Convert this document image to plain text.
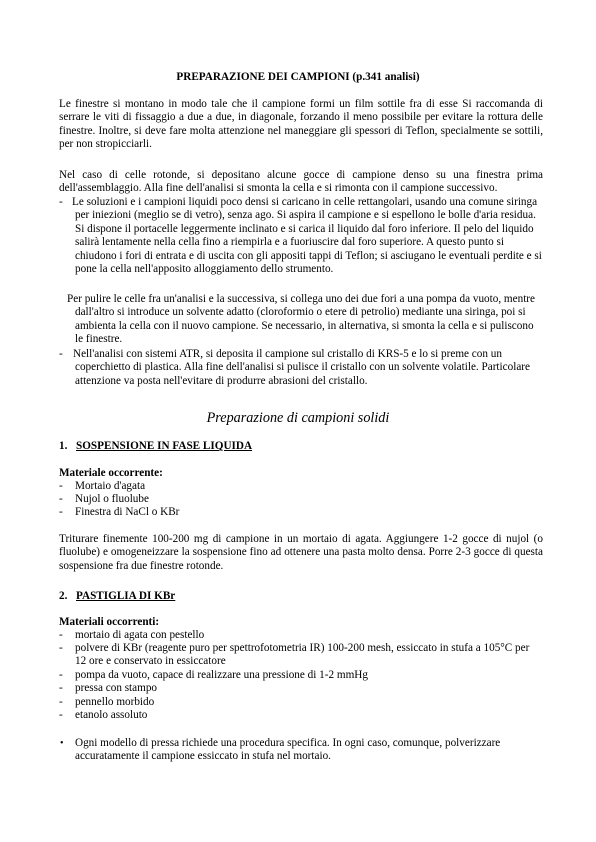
PREPARAZIONE DEI CAMPIONI (p.341 analisi)
Le finestre si montano in modo tale che il campione formi un film sottile fra di esse Si raccomanda di serrare le viti di fissaggio a due a due, in diagonale, forzando il meno possibile per evitare la rottura delle finestre. Inoltre, si deve fare molta attenzione nel maneggiare gli spessori di Teflon, specialmente se sottili, per non stropicciarli.
Nel caso di celle rotonde, si depositano alcune gocce di campione denso su una finestra prima dell'assemblaggio. Alla fine dell'analisi si smonta la cella e si rimonta con il campione successivo.
- Le soluzioni e i campioni liquidi poco densi si caricano in celle rettangolari, usando una comune siringa per iniezioni (meglio se di vetro), senza ago. Si aspira il campione e si espellono le bolle d'aria residua. Si dispone il portacelle leggermente inclinato e si carica il liquido dal foro inferiore. Il pelo del liquido salirà lentamente nella cella fino a riempirla e a fuoriuscire dal foro superiore. A questo punto si chiudono i fori di entrata e di uscita con gli appositi tappi di Teflon; si asciugano le eventuali perdite e si pone la cella nell'apposito alloggiamento dello strumento.
Per pulire le celle fra un'analisi e la successiva, si collega uno dei due fori a una pompa da vuoto, mentre dall'altro si introduce un solvente adatto (cloroformio o etere di petrolio) mediante una siringa, poi si ambienta la cella con il nuovo campione. Se necessario, in alternativa, si smonta la cella e si puliscono le finestre.
- Nell'analisi con sistemi ATR, si deposita il campione sul cristallo di KRS-5 e lo si preme con un coperchietto di plastica. Alla fine dell'analisi si pulisce il cristallo con un solvente volatile. Particolare attenzione va posta nell'evitare di produrre abrasioni del cristallo.
Preparazione di campioni solidi
1. SOSPENSIONE IN FASE LIQUIDA
Materiale occorrente:
-	Mortaio d'agata
-	Nujol o fluolube
-	Finestra di NaCl o KBr
Triturare finemente 100-200 mg di campione in un mortaio di agata. Aggiungere 1-2 gocce di nujol (o fluolube) e omogeneizzare la sospensione fino ad ottenere una pasta molto densa. Porre 2-3 gocce di questa sospensione fra due finestre rotonde.
2. PASTIGLIA DI KBr
Materiali occorrenti:
-	mortaio di agata con pestello
-	polvere di KBr (reagente puro per spettrofotometria IR) 100-200 mesh, essiccato in stufa a 105°C per 12 ore e conservato in essiccatore
-	pompa da vuoto, capace di realizzare una pressione di 1-2 mmHg
-	pressa con stampo
-	pennello morbido
-	etanolo assoluto
•	Ogni modello di pressa richiede una procedura specifica. In ogni caso, comunque, polverizzare accuratamente il campione essiccato in stufa nel mortaio.
